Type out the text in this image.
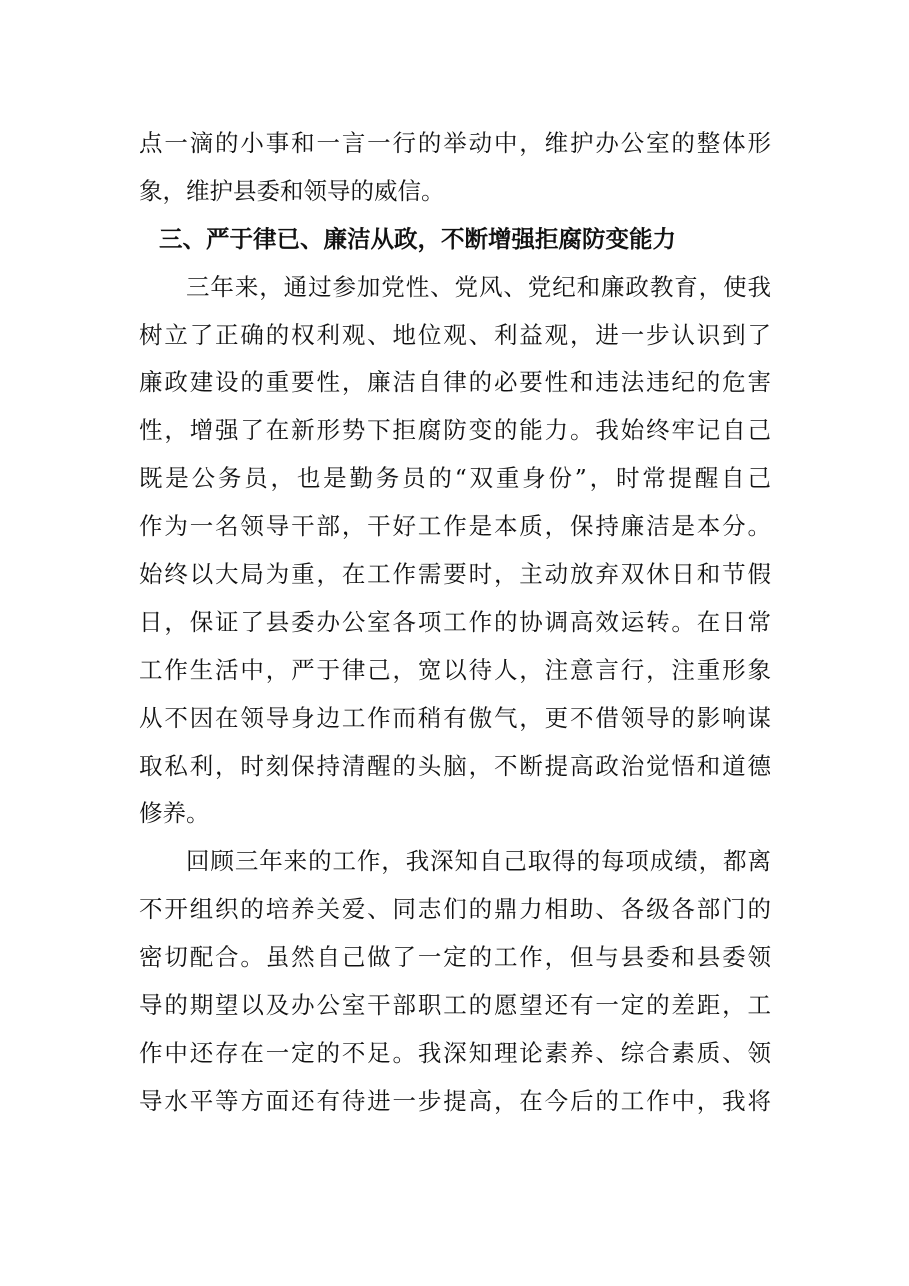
点一滴的小事和一言一行的举动中，维护办公室的整体形
象，维护县委和领导的威信。
三、严于律已、廉洁从政，不断增强拒腐防变能力
三年来，通过参加党性、党风、党纪和廉政教育，使我
树立了正确的权利观、地位观、利益观，进一步认识到了
廉政建设的重要性，廉洁自律的必要性和违法违纪的危害
性，增强了在新形势下拒腐防变的能力。我始终牢记自己
既是公务员，也是勤务员的“双重身份”，时常提醒自己
作为一名领导干部，干好工作是本质，保持廉洁是本分。
始终以大局为重，在工作需要时，主动放弃双休日和节假
日，保证了县委办公室各项工作的协调高效运转。在日常
工作生活中，严于律己，宽以待人，注意言行，注重形象
从不因在领导身边工作而稍有傲气，更不借领导的影响谋
取私利，时刻保持清醒的头脑，不断提高政治觉悟和道德
修养。
回顾三年来的工作，我深知自己取得的每项成绩，都离
不开组织的培养关爱、同志们的鼎力相助、各级各部门的
密切配合。虽然自己做了一定的工作，但与县委和县委领
导的期望以及办公室干部职工的愿望还有一定的差距，工
作中还存在一定的不足。我深知理论素养、综合素质、领
导水平等方面还有待进一步提高，在今后的工作中，我将
